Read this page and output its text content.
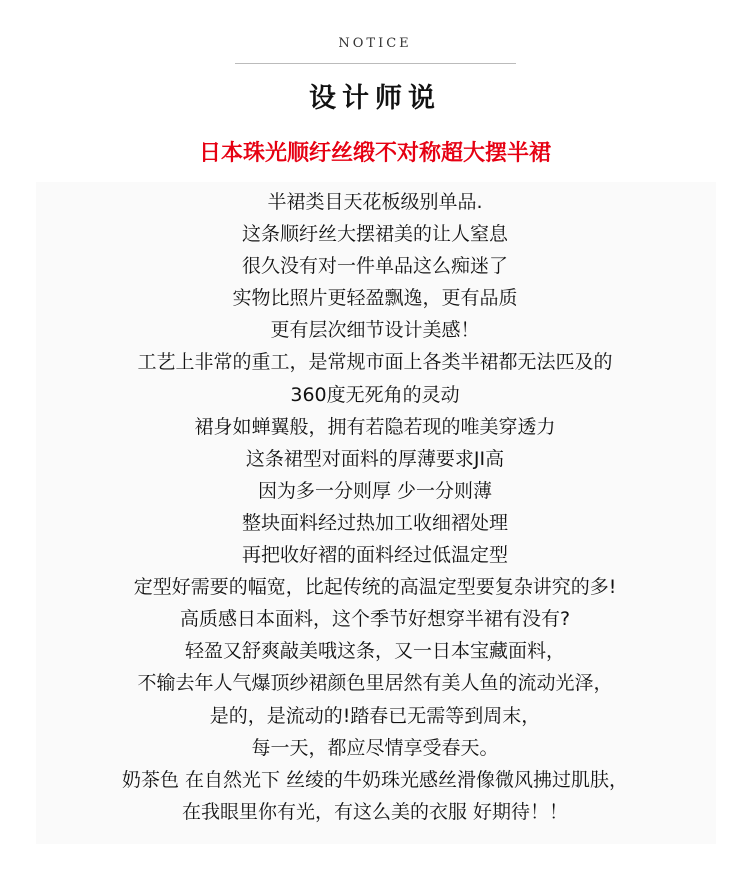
NOTICE
设计师说
日本珠光顺纡丝缎不对称超大摆半裙
半裙类目天花板级别单品.
这条顺纡丝大摆裙美的让人窒息
很久没有对一件单品这么痴迷了
实物比照片更轻盈飘逸，更有品质
更有层次细节设计美感！
工艺上非常的重工，是常规市面上各类半裙都无法匹及的
360度无死角的灵动
裙身如蝉翼般，拥有若隐若现的唯美穿透力
这条裙型对面料的厚薄要求JI高
因为多一分则厚 少一分则薄
整块面料经过热加工收细褶处理
再把收好褶的面料经过低温定型
定型好需要的幅宽，比起传统的高温定型要复杂讲究的多!
高质感日本面料，这个季节好想穿半裙有没有?
轻盈又舒爽敲美哦这条，又一日本宝藏面料，
不输去年人气爆顶纱裙颜色里居然有美人鱼的流动光泽，
是的，是流动的!踏春已无需等到周末，
每一天，都应尽情享受春天。
奶茶色 在自然光下 丝绫的牛奶珠光感丝滑像微风拂过肌肤，
在我眼里你有光，有这么美的衣服 好期待！！
